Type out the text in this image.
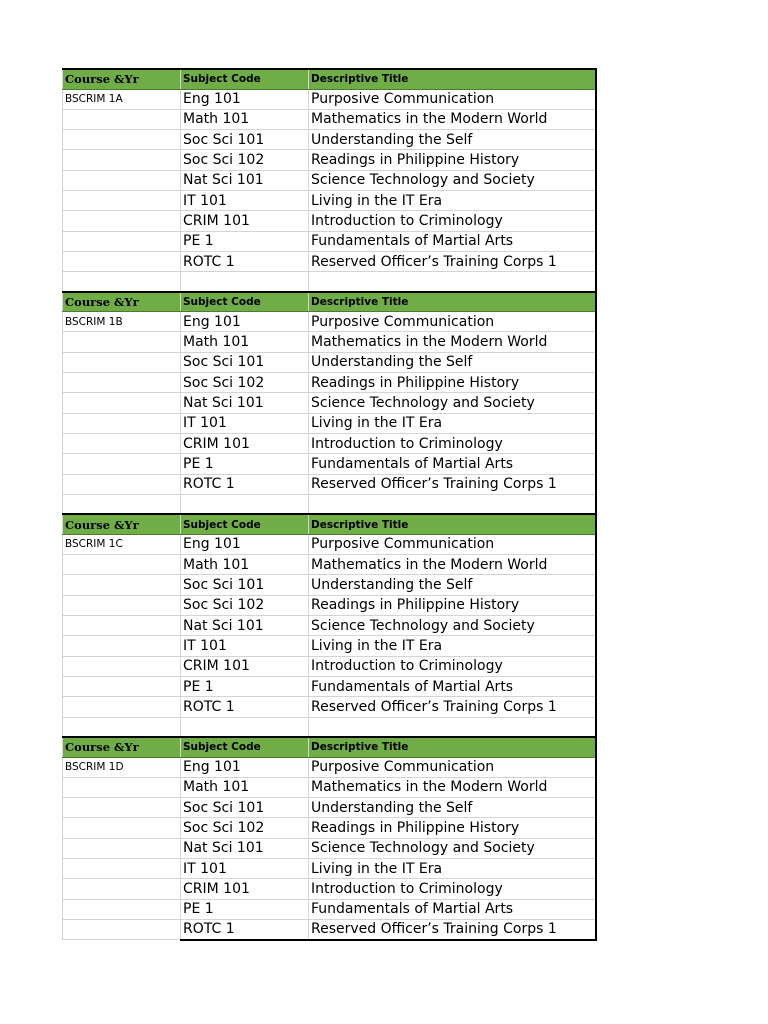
Course &Yr	Subject Code	Descriptive Title
BSCRIM 1A	Eng 101	Purposive Communication
	Math 101	Mathematics in the Modern World
	Soc Sci 101	Understanding the Self
	Soc Sci 102	Readings in Philippine History
	Nat Sci 101	Science Technology and Society
	IT 101	Living in the IT Era
	CRIM 101	Introduction to Criminology
	PE 1	Fundamentals of Martial Arts
	ROTC 1	Reserved Officer’s Training Corps 1

Course &Yr	Subject Code	Descriptive Title
BSCRIM 1B	Eng 101	Purposive Communication
	Math 101	Mathematics in the Modern World
	Soc Sci 101	Understanding the Self
	Soc Sci 102	Readings in Philippine History
	Nat Sci 101	Science Technology and Society
	IT 101	Living in the IT Era
	CRIM 101	Introduction to Criminology
	PE 1	Fundamentals of Martial Arts
	ROTC 1	Reserved Officer’s Training Corps 1

Course &Yr	Subject Code	Descriptive Title
BSCRIM 1C	Eng 101	Purposive Communication
	Math 101	Mathematics in the Modern World
	Soc Sci 101	Understanding the Self
	Soc Sci 102	Readings in Philippine History
	Nat Sci 101	Science Technology and Society
	IT 101	Living in the IT Era
	CRIM 101	Introduction to Criminology
	PE 1	Fundamentals of Martial Arts
	ROTC 1	Reserved Officer’s Training Corps 1

Course &Yr	Subject Code	Descriptive Title
BSCRIM 1D	Eng 101	Purposive Communication
	Math 101	Mathematics in the Modern World
	Soc Sci 101	Understanding the Self
	Soc Sci 102	Readings in Philippine History
	Nat Sci 101	Science Technology and Society
	IT 101	Living in the IT Era
	CRIM 101	Introduction to Criminology
	PE 1	Fundamentals of Martial Arts
	ROTC 1	Reserved Officer’s Training Corps 1
